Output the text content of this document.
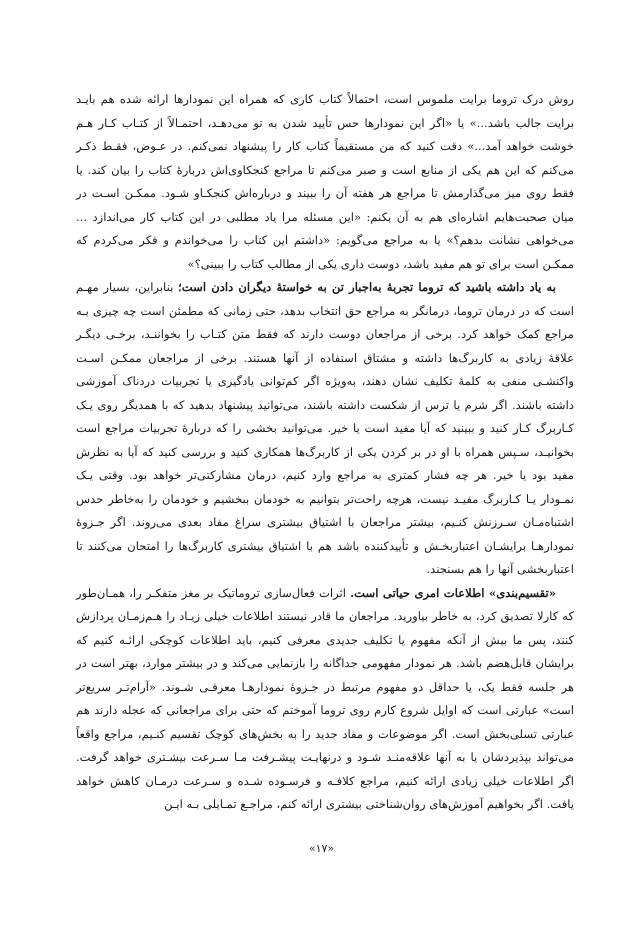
روش درک تروما برایت ملموس است، احتمالاً کتاب کاری که همراه این نمودارها ارائه شده هم بایـد برایت جالب باشد...» یا «اگر این نمودارها حس تأیید شدن به تو می‌دهـد، احتمـالاً از کتـاب کـار هـم خوشت خواهد آمد...» دقت کنید که من مستقیماً کتاب کار را پیشنهاد نمی‌کنم. در عـوض، فقـط ذکـر می‌کنم که این هم یکی از منابع است و صبر می‌کنم تا مراجع کنجکاوی‌اش دربارهٔ کتاب را بیان کند. یا فقط روی میز می‌گذارمش تا مراجع هر هفته آن را ببیند و درباره‌اش کنجکـاو شـود. ممکـن اسـت در میان صحبت‌هایم اشاره‌ای هم به آن بکنم: «این مسئله مرا یاد مطلبی در این کتاب کار می‌اندازد ... می‌خواهی نشانت بدهم؟» یا به مراجع می‌گویم: «داشتم این کتاب را می‌خواندم و فکر می‌کردم که ممکـن است برای تو هم مفید باشد، دوست داری یکی از مطالب کتاب را ببینی؟»

به یاد داشته باشید که تروما تجربهٔ به‌اجبار تن به خواستهٔ دیگران دادن است؛ بنابراین، بسیار مهـم است که در درمان تروما، درمانگر به مراجع حق انتخاب بدهد، حتی زمانی که مطمئن است چه چیزی بـه مراجع کمک خواهد کرد. برخی از مراجعان دوست دارند که فقط متن کتـاب را بخواننـد، برخـی دیگـر علاقهٔ زیادی به کاربرگ‌ها داشته و مشتاق استفاده از آنها هستند. برخی از مراجعان ممکـن اسـت واکنشـی منفی به کلمهٔ تکلیف نشان دهند، به‌ویژه اگر کم‌توانی یادگیری یا تجربیات دردناک آموزشی داشته باشند. اگر شرم یا ترس از شکست داشته باشند، می‌توانید پیشنهاد بدهید که با همدیگر روی یـک کـاربرگ کـار کنید و ببینید که آیا مفید است یا خیر. می‌توانید بخشی را که دربارهٔ تجربیات مراجع است بخوانیـد، سـپس همراه با او در بر کردن یکی از کاربرگ‌ها همکاری کنید و بررسی کنید که آیا به نظرش مفید بود یا خیر. هر چه فشار کمتری به مراجع وارد کنیم، درمان مشارکتی‌تر خواهد بود. وقتی یـک نمـودار یـا کـاربرگ مفیـد نیست، هرچه راحت‌تر بتوانیم به خودمان ببخشیم و خودمان را به‌خاطر حدس اشتباه‌مـان سـرزنش کنـیم، بیشتر مراجعان با اشتیاق بیشتری سراغ مفاد بعدی می‌روند. اگر جـزوهٔ نمودارهـا برایشـان اعتباربخـش و تأییدکننده باشد هم با اشتیاق بیشتری کاربرگ‌ها را امتحان می‌کنند تا اعتباربخشی آنها را هم بسنجند.

«تقسیم‌بندی» اطلاعات امری حیاتی است. اثرات فعال‌سازی تروماتیک بر مغز متفکـر را، همـان‌طور که کارلا تصدیق کرد، به خاطر بیاورید. مراجعان ما قادر نیستند اطلاعات خیلی زیـاد را هـم‌زمـان پردازش کنند، پس ما بیش از آنکه مفهوم یا تکلیف جدیدی معرفی کنیم، باید اطلاعات کوچکی ارائـه کنیم که برایشان قابل‌هضم باشد. هر نمودار مفهومی جداگانه را بازنمایی می‌کند و در بیشتر موارد، بهتر است در هر جلسه فقط یک، یا حداقل دو مفهوم مرتبط در جـزوهٔ نمودارهـا معرفـی شـوند. «آرام‌تـر سریع‌تر است» عبارتی است که اوایل شروع کارم روی تروما آموختم که حتی برای مراجعانی که عجله دارند هم عبارتی تسلی‌بخش است. اگر موضوعات و مفاد جدید را به بخش‌های کوچک تقسیم کنـیم، مراجع واقعاً می‌تواند بپذیردشان یا به آنها علاقه‌منـد شـود و درنهایـت پیشـرفت مـا سـرعت بیشـتری خواهد گرفت. اگر اطلاعات خیلی زیادی ارائه کنیم، مراجع کلافـه و فرسـوده شـده و سـرعت درمـان کاهش خواهد یافت. اگر بخواهیم آموزش‌های روان‌شناختی بیشتری ارائه کنم، مراجـع تمـایلی بـه ایـن

«۱۷»
